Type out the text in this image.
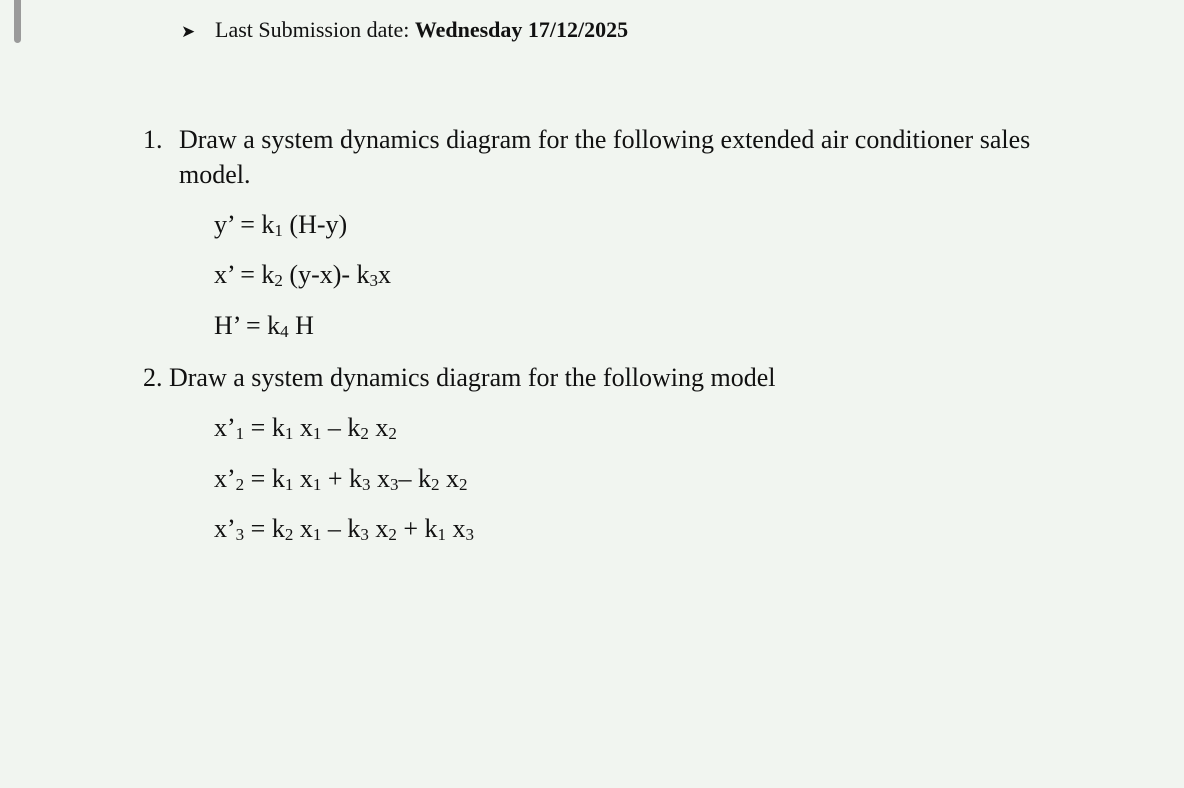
➤ Last Submission date: Wednesday 17/12/2025
1. Draw a system dynamics diagram for the following extended air conditioner sales model.
y’ = $k_1$ (H-y)
x’ = $k_2$ (y-x)- $k_3x$
H’ = $k_4$ H
2. Draw a system dynamics diagram for the following model
$x’_1 = k_1$ $x_1 - k_2$ $x_2$
$x’_2 = k_1$ $x_1 + k_3$ $x_3-$ $k_2$ $x_2$
$x’_3 = k_2$ $x_1 - k_3$ $x_2 + k_1$ $x_3$
